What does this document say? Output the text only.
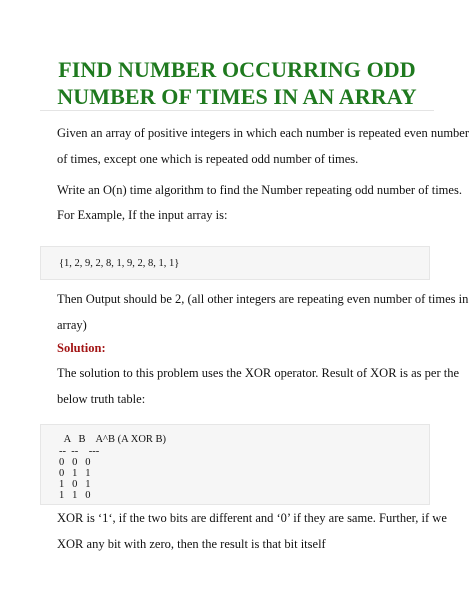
FIND NUMBER OCCURRING ODD
NUMBER OF TIMES IN AN ARRAY
Given an array of positive integers in which each number is repeated even number
of times, except one which is repeated odd number of times.
Write an O(n) time algorithm to find the Number repeating odd number of times.
For Example, If the input array is:
{1, 2, 9, 2, 8, 1, 9, 2, 8, 1, 1}
Then Output should be 2, (all other integers are repeating even number of times in
array)
Solution:
The solution to this problem uses the XOR operator. Result of XOR is as per the
below truth table:
A   B    A^B (A XOR B)
--  --    ---
0   0   0
0   1   1
1   0   1
1   1   0
XOR is ‘1‘, if the two bits are different and ‘0’ if they are same. Further, if we
XOR any bit with zero, then the result is that bit itself
